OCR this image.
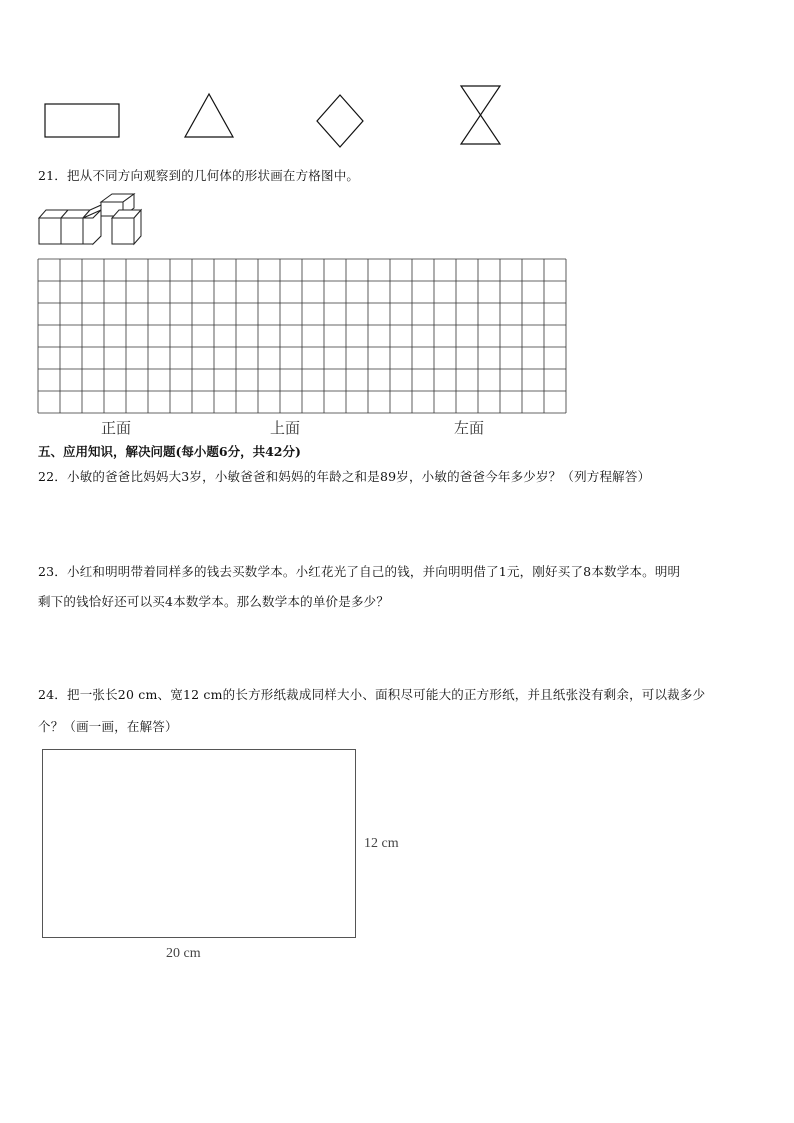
21．把从不同方向观察到的几何体的形状画在方格图中。
正面	上面	左面
五、应用知识，解决问题(每小题6分，共42分)
22．小敏的爸爸比妈妈大3岁，小敏爸爸和妈妈的年龄之和是89岁，小敏的爸爸今年多少岁？（列方程解答）
23．小红和明明带着同样多的钱去买数学本。小红花光了自己的钱，并向明明借了1元，刚好买了8本数学本。明明
剩下的钱恰好还可以买4本数学本。那么数学本的单价是多少？
24．把一张长20 cm、宽12 cm的长方形纸裁成同样大小、面积尽可能大的正方形纸，并且纸张没有剩余，可以裁多少
个？（画一画，在解答）
12 cm
20 cm
